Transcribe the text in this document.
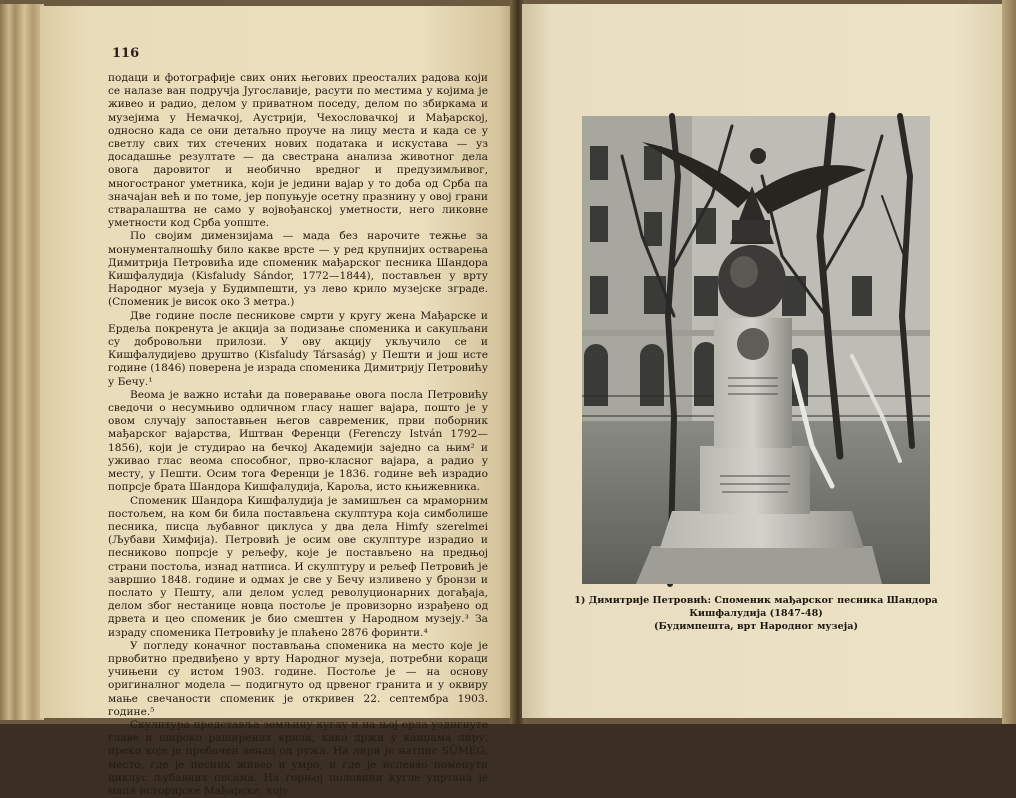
116

подаци и фотографије свих оних његових преосталих радова који се налазе ван подручја Југославије, расути по местима у којима је живео и радио, делом у приватном поседу, делом по збиркама и музејима у Немачкој, Аустрији, Чехословачкој и Мађарској, односно када се они детаљно проуче на лицу места и када се у светлу свих тих стечених нових података и искустава — уз досадашње резултате — да свестрана анализа животног дела овога даровитог и необично вредног и предузимљивог, многостраног уметника, који је једини вајар у то доба од Срба па значајан већ и по томе, јер попуњује осетну празнину у овој грани стваралаштва не само у војвођанској уметности, него ликовне уметности код Срба уопште.

По својим димензијама — мада без нарочите тежње за монументалношћу било какве врсте — у ред крупнијих остварења Димитрија Петровића иде споменик мађарског песника Шандора Кишфалудија (Kisfaludy Sándor, 1772—1844), постављен у врту Народног музеја у Будимпешти, уз лево крило музејске зграде. (Споменик је висок око 3 метра.)

Две године после песникове смрти у кругу жена Мађарске и Ердеља покренута је акција за подизање споменика и сакупљани су добровољни прилози. У ову акцију укључило се и Кишфалудијево друштво (Kisfaludy Társaság) у Пешти и још исте године (1846) поверена је израда споменика Димитрију Петровићу у Бечу.¹

Веома је важно истаћи да поверавање овога посла Петровићу сведочи о несумњиво одличном гласу нашег вајара, пошто је у овом случају запоставњен његов савременик, први поборник мађарског вајарства, Иштван Ференци (Ferenczy István 1792—1856), који је студирао на бечкој Академији заједно са њим² и уживао глас веома способног, прво-класног вајара, а радио у месту, у Пешти. Осим тога Ференци је 1836. године већ израдио попрсје брата Шандора Кишфалудија, Кароља, исто књижевника.

Споменик Шандора Кишфалудија је замишљен са мраморним постољем, на ком би била постављена скулптура која симболише песника, писца љубавног циклуса у два дела Himfy szerelmei (Љубави Химфија). Петровић је осим ове скулптуре израдио и песниково попрсје у рељефу, које је постављено на предњој страни постоља, изнад натписа. И скулптуру и рељеф Петровић је завршио 1848. године и одмах је све у Бечу изливено у бронзи и послато у Пешту, али делом услед револуционарних догађаја, делом због нестанице новца постоље је провизорно израђено од дрвета и цео споменик је био смештен у Народном музеју.³ За израду споменика Петровићу је плаћено 2876 форинти.⁴

У погледу коначног постављања споменика на место које је првобитно предвиђено у врту Народног музеја, потребни кораци учињени су истом 1903. године. Постоље је — на основу оригиналног модела — подигнуто од црвеног гранита и у оквиру мање свечаности споменик је откривен 22. септембра 1903. године.⁵

Скулптура представља земљину куглу и на њој орла узднгнуте главе и широко раширених крила, како држи у канџама лиру, преко које је пребачен венац од ружа. На лири је натпис SÜMEG, место, где је песник живео и умро, и где је испевао поменути циклус љубавних песама. На горњој половини кугле уцртана је мапа историјске Мађарске, коју

1) Димитрије Петровић: Споменик мађарског песника Шандора Кишфалудија (1847-48)
(Будимпешта, врт Народног музеја)
